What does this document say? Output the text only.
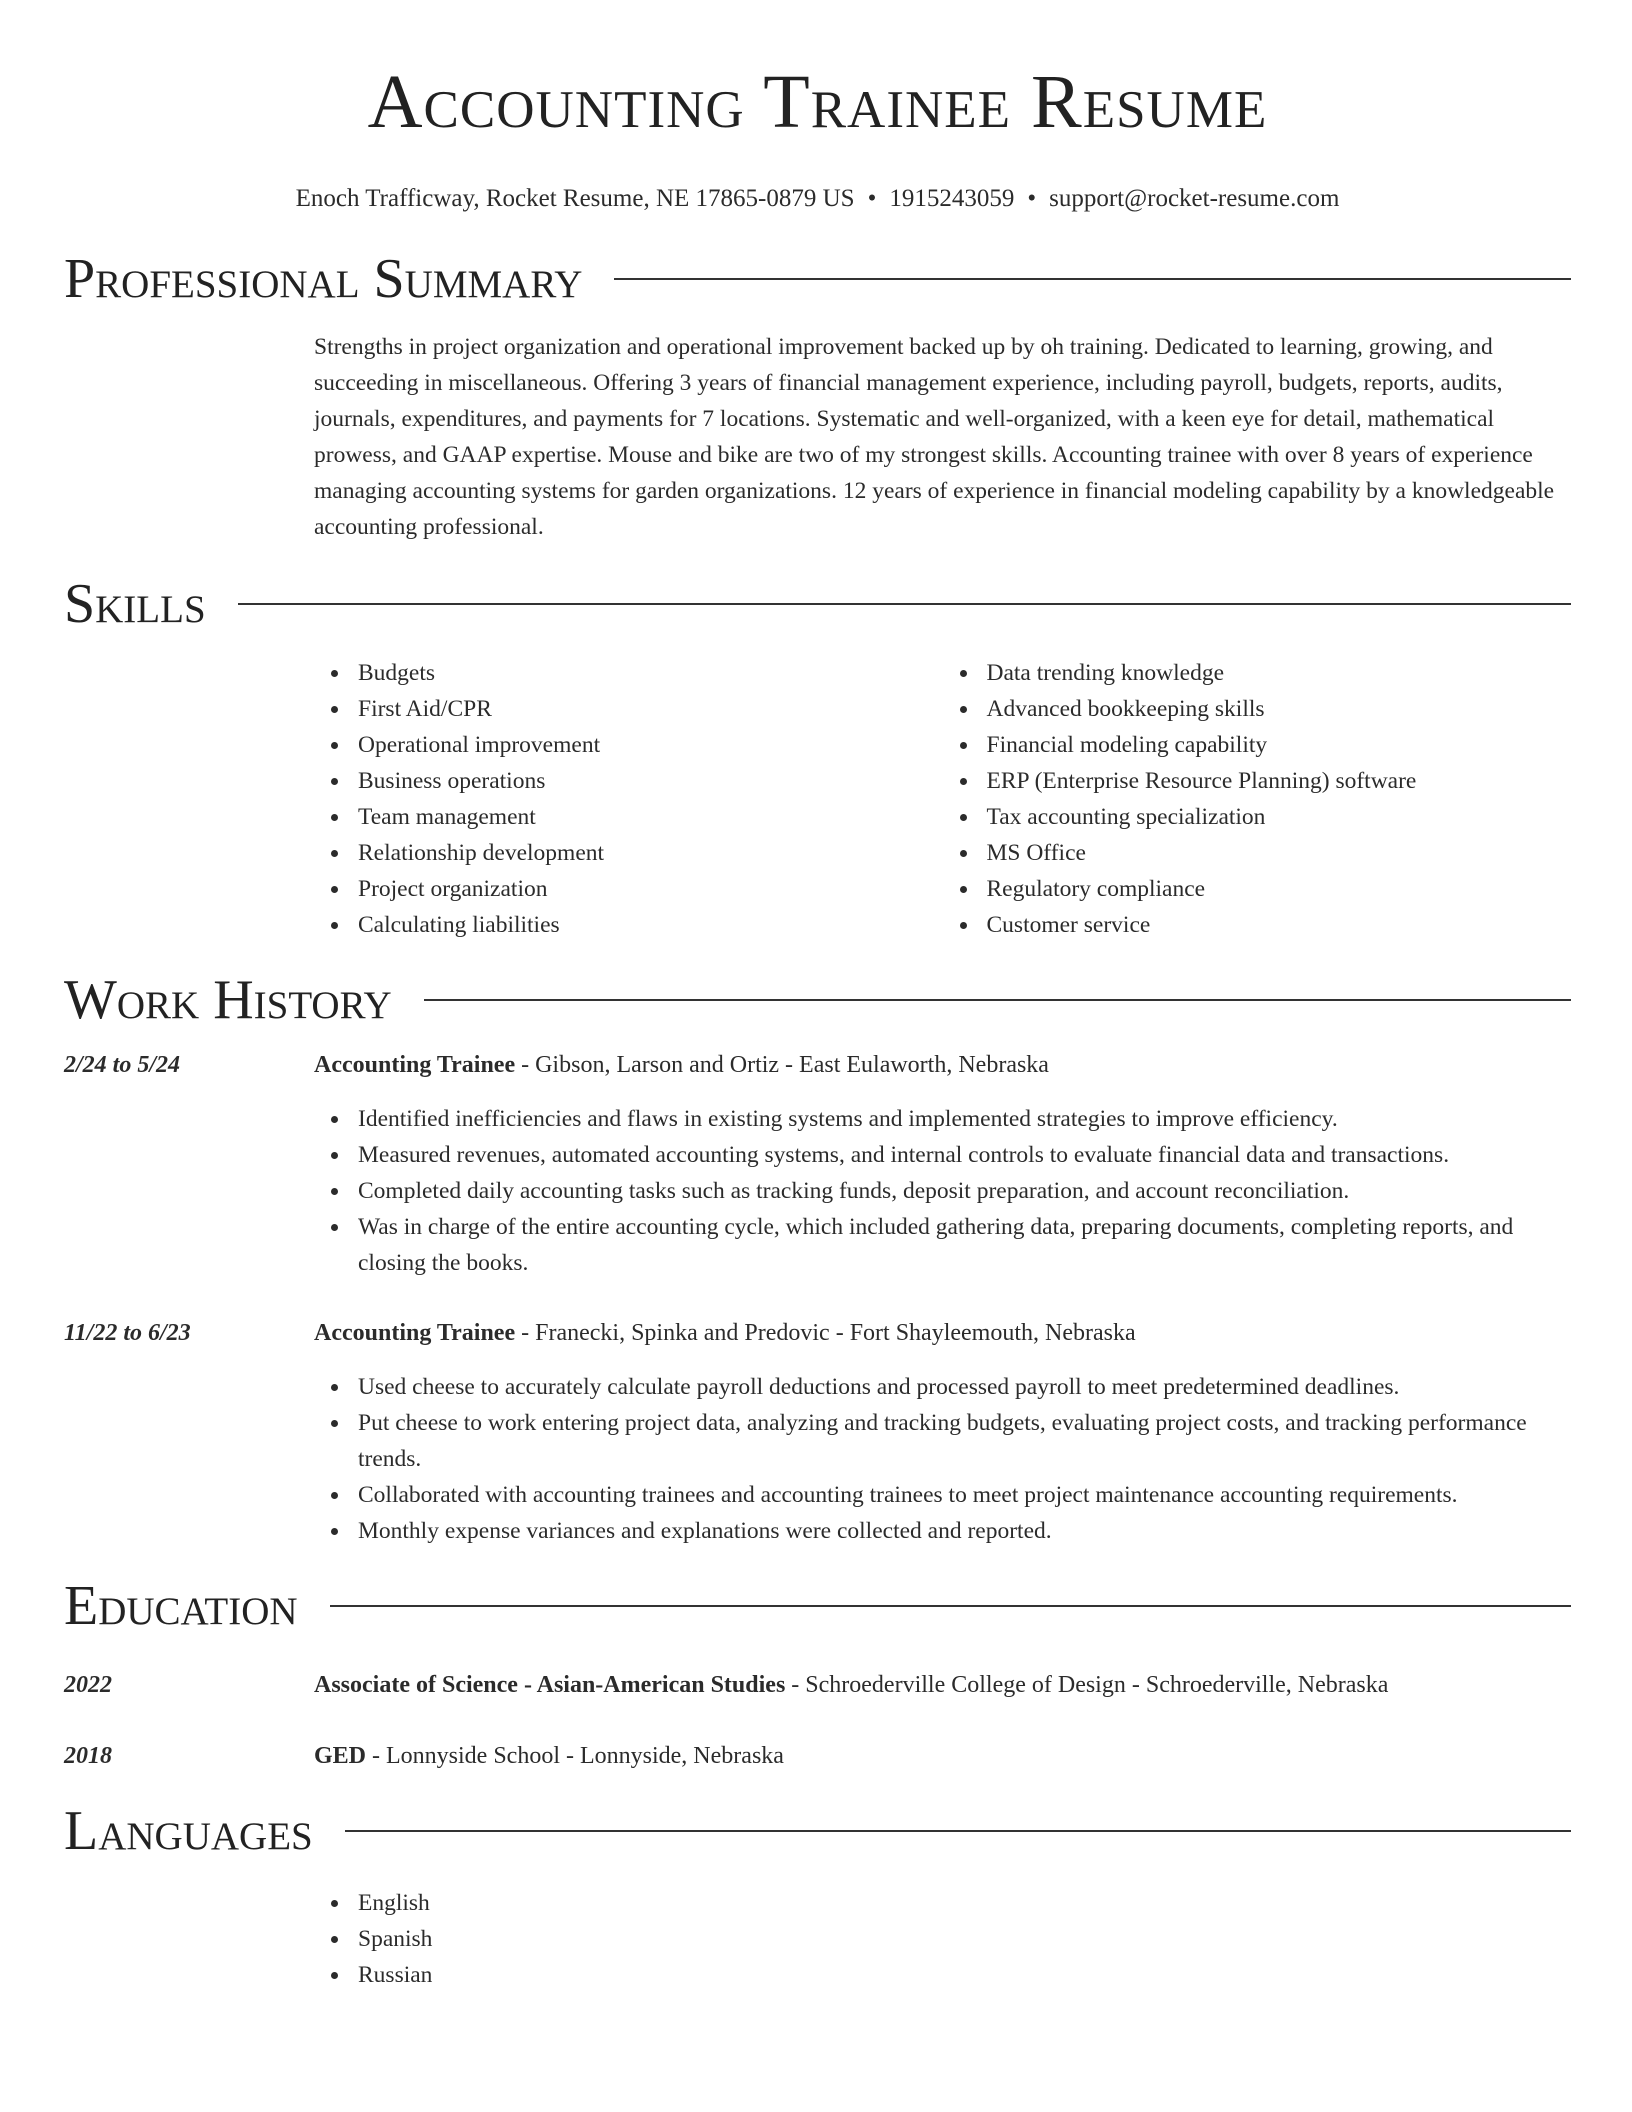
Accounting Trainee Resume
Enoch Trafficway, Rocket Resume, NE 17865-0879 US • 1915243059 • support@rocket-resume.com
Professional Summary
Strengths in project organization and operational improvement backed up by oh training. Dedicated to learning, growing, and succeeding in miscellaneous. Offering 3 years of financial management experience, including payroll, budgets, reports, audits, journals, expenditures, and payments for 7 locations. Systematic and well-organized, with a keen eye for detail, mathematical prowess, and GAAP expertise. Mouse and bike are two of my strongest skills. Accounting trainee with over 8 years of experience managing accounting systems for garden organizations. 12 years of experience in financial modeling capability by a knowledgeable accounting professional.
Skills
Budgets
First Aid/CPR
Operational improvement
Business operations
Team management
Relationship development
Project organization
Calculating liabilities
Data trending knowledge
Advanced bookkeeping skills
Financial modeling capability
ERP (Enterprise Resource Planning) software
Tax accounting specialization
MS Office
Regulatory compliance
Customer service
Work History
2/24 to 5/24	Accounting Trainee - Gibson, Larson and Ortiz - East Eulaworth, Nebraska
Identified inefficiencies and flaws in existing systems and implemented strategies to improve efficiency.
Measured revenues, automated accounting systems, and internal controls to evaluate financial data and transactions.
Completed daily accounting tasks such as tracking funds, deposit preparation, and account reconciliation.
Was in charge of the entire accounting cycle, which included gathering data, preparing documents, completing reports, and closing the books.
11/22 to 6/23	Accounting Trainee - Franecki, Spinka and Predovic - Fort Shayleemouth, Nebraska
Used cheese to accurately calculate payroll deductions and processed payroll to meet predetermined deadlines.
Put cheese to work entering project data, analyzing and tracking budgets, evaluating project costs, and tracking performance trends.
Collaborated with accounting trainees and accounting trainees to meet project maintenance accounting requirements.
Monthly expense variances and explanations were collected and reported.
Education
2022	Associate of Science - Asian-American Studies - Schroederville College of Design - Schroederville, Nebraska
2018	GED - Lonnyside School - Lonnyside, Nebraska
Languages
English
Spanish
Russian
